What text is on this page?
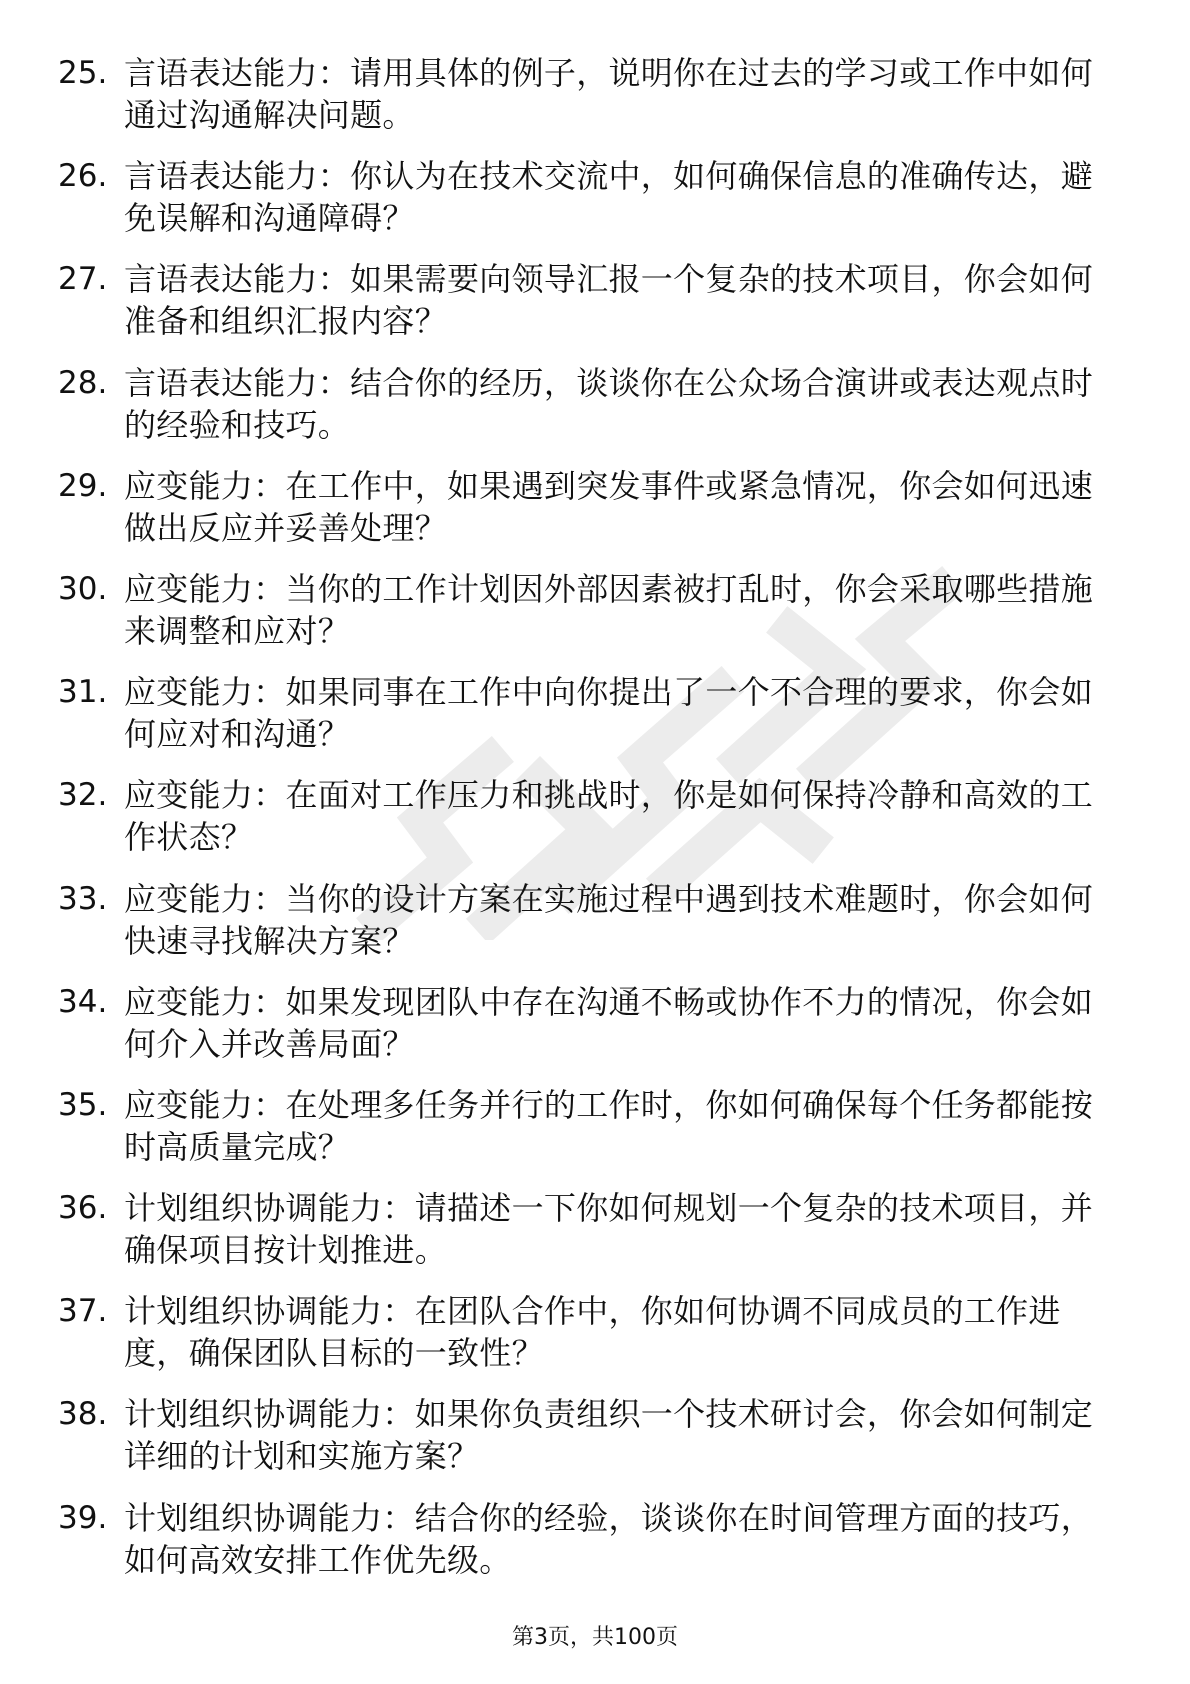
25. 言语表达能力：请用具体的例子，说明你在过去的学习或工作中如何通过沟通解决问题。
26. 言语表达能力：你认为在技术交流中，如何确保信息的准确传达，避免误解和沟通障碍？
27. 言语表达能力：如果需要向领导汇报一个复杂的技术项目，你会如何准备和组织汇报内容？
28. 言语表达能力：结合你的经历，谈谈你在公众场合演讲或表达观点时的经验和技巧。
29. 应变能力：在工作中，如果遇到突发事件或紧急情况，你会如何迅速做出反应并妥善处理？
30. 应变能力：当你的工作计划因外部因素被打乱时，你会采取哪些措施来调整和应对？
31. 应变能力：如果同事在工作中向你提出了一个不合理的要求，你会如何应对和沟通？
32. 应变能力：在面对工作压力和挑战时，你是如何保持冷静和高效的工作状态？
33. 应变能力：当你的设计方案在实施过程中遇到技术难题时，你会如何快速寻找解决方案？
34. 应变能力：如果发现团队中存在沟通不畅或协作不力的情况，你会如何介入并改善局面？
35. 应变能力：在处理多任务并行的工作时，你如何确保每个任务都能按时高质量完成？
36. 计划组织协调能力：请描述一下你如何规划一个复杂的技术项目，并确保项目按计划推进。
37. 计划组织协调能力：在团队合作中，你如何协调不同成员的工作进度，确保团队目标的一致性？
38. 计划组织协调能力：如果你负责组织一个技术研讨会，你会如何制定详细的计划和实施方案？
39. 计划组织协调能力：结合你的经验，谈谈你在时间管理方面的技巧，如何高效安排工作优先级。
第3页，共100页
